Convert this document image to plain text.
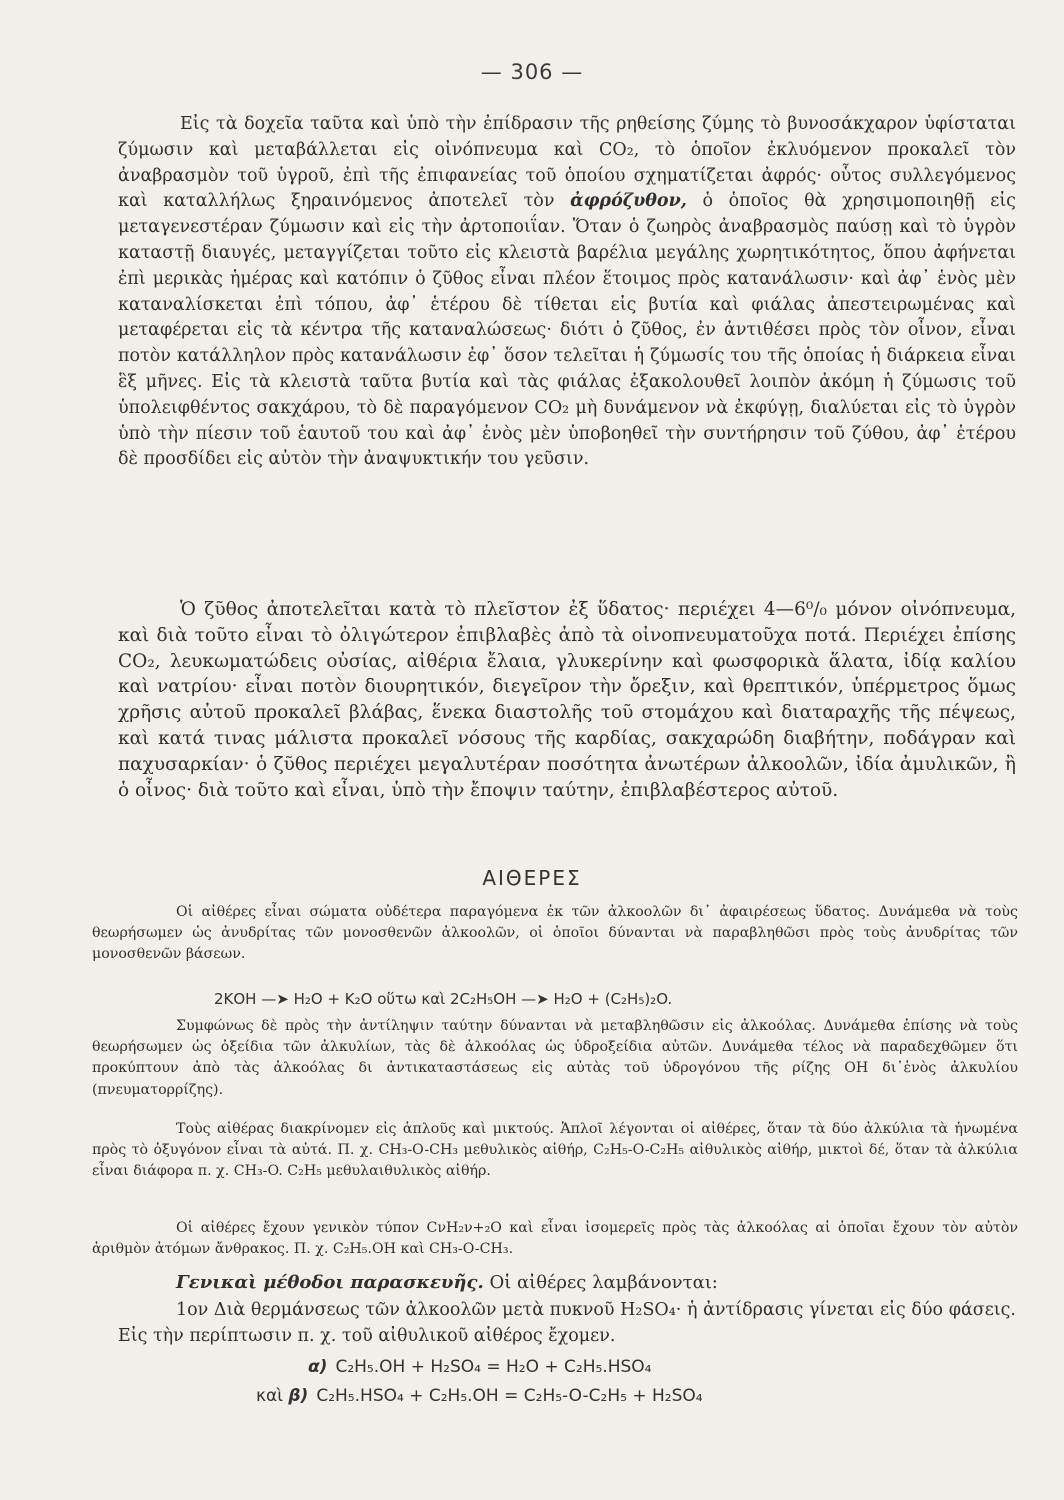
— 306 —

Εἰς τὰ δοχεῖα ταῦτα καὶ ὑπὸ τὴν ἐπίδρασιν τῆς ρηθείσης ζύμης τὸ βυνοσάκχαρον ὑφίσταται ζύμωσιν καὶ μεταβάλλεται εἰς οἰνόπνευμα καὶ CO₂, τὸ ὁποῖον ἐκλυόμενον προκαλεῖ τὸν ἀναβρασμὸν τοῦ ὑγροῦ, ἐπὶ τῆς ἐπιφανείας τοῦ ὁποίου σχηματίζεται ἀφρός· οὗτος συλλεγόμενος καὶ καταλλήλως ξηραινόμενος ἀποτελεῖ τὸν ἀφρόζυθον, ὁ ὁποῖος θὰ χρησιμοποιηθῇ εἰς μεταγενεστέραν ζύμωσιν καὶ εἰς τὴν ἀρτοποιΐαν. Ὅταν ὁ ζωηρὸς ἀναβρασμὸς παύσῃ καὶ τὸ ὑγρὸν καταστῇ διαυγές, μεταγγίζεται τοῦτο εἰς κλειστὰ βαρέλια μεγάλης χωρητικότητος, ὅπου ἀφήνεται ἐπὶ μερικὰς ἡμέρας καὶ κατόπιν ὁ ζῦθος εἶναι πλέον ἕτοιμος πρὸς κατανάλωσιν· καὶ ἀφ᾽ ἑνὸς μὲν καταναλίσκεται ἐπὶ τόπου, ἀφ᾽ ἑτέρου δὲ τίθεται εἰς βυτία καὶ φιάλας ἀπεστειρωμένας καὶ μεταφέρεται εἰς τὰ κέντρα τῆς καταναλώσεως· διότι ὁ ζῦθος, ἐν ἀντιθέσει πρὸς τὸν οἶνον, εἶναι ποτὸν κατάλληλον πρὸς κατανάλωσιν ἐφ᾽ ὅσον τελεῖται ἡ ζύμωσίς του τῆς ὁποίας ἡ διάρκεια εἶναι ἓξ μῆνες. Εἰς τὰ κλειστὰ ταῦτα βυτία καὶ τὰς φιάλας ἐξακολουθεῖ λοιπὸν ἀκόμη ἡ ζύμωσις τοῦ ὑπολειφθέντος σακχάρου, τὸ δὲ παραγόμενον CO₂ μὴ δυνάμενον νὰ ἐκφύγῃ, διαλύεται εἰς τὸ ὑγρὸν ὑπὸ τὴν πίεσιν τοῦ ἑαυτοῦ του καὶ ἀφ᾽ ἑνὸς μὲν ὑποβοηθεῖ τὴν συντήρησιν τοῦ ζύθου, ἀφ᾽ ἑτέρου δὲ προσδίδει εἰς αὐτὸν τὴν ἀναψυκτικήν του γεῦσιν.

Ὁ ζῦθος ἀποτελεῖται κατὰ τὸ πλεῖστον ἐξ ὕδατος· περιέχει 4—6⁰/₀ μόνον οἰνόπνευμα, καὶ διὰ τοῦτο εἶναι τὸ ὀλιγώτερον ἐπιβλαβὲς ἀπὸ τὰ οἰνοπνευματοῦχα ποτά. Περιέχει ἐπίσης CO₂, λευκωματώδεις οὐσίας, αἰθέρια ἔλαια, γλυκερίνην καὶ φωσφορικὰ ἅλατα, ἰδίᾳ καλίου καὶ νατρίου· εἶναι ποτὸν διουρητικόν, διεγεῖρον τὴν ὄρεξιν, καὶ θρεπτικόν, ὑπέρμετρος ὅμως χρῆσις αὐτοῦ προκαλεῖ βλάβας, ἕνεκα διαστολῆς τοῦ στομάχου καὶ διαταραχῆς τῆς πέψεως, καὶ κατά τινας μάλιστα προκαλεῖ νόσους τῆς καρδίας, σακχαρώδη διαβήτην, ποδάγραν καὶ παχυσαρκίαν· ὁ ζῦθος περιέχει μεγαλυτέραν ποσότητα ἀνωτέρων ἀλκοολῶν, ἰδία ἀμυλικῶν, ἢ ὁ οἶνος· διὰ τοῦτο καὶ εἶναι, ὑπὸ τὴν ἔποψιν ταύτην, ἐπιβλαβέστερος αὐτοῦ.

ΑΙΘΕΡΕΣ

Οἱ αἰθέρες εἶναι σώματα οὐδέτερα παραγόμενα ἐκ τῶν ἀλκοολῶν δι᾽ ἀφαιρέσεως ὕδατος. Δυνάμεθα νὰ τοὺς θεωρήσωμεν ὡς ἀνυδρίτας τῶν μονοσθενῶν ἀλκοολῶν, οἱ ὁποῖοι δύνανται νὰ παραβληθῶσι πρὸς τοὺς ἀνυδρίτας τῶν μονοσθενῶν βάσεων.

2ΚΟΗ —➤ H₂O + K₂O οὕτω καὶ 2C₂H₅OH —➤ H₂O + (C₂H₅)₂O.

Συμφώνως δὲ πρὸς τὴν ἀντίληψιν ταύτην δύνανται νὰ μεταβληθῶσιν εἰς ἀλκοόλας. Δυνάμεθα ἐπίσης νὰ τοὺς θεωρήσωμεν ὡς ὀξείδια τῶν ἀλκυλίων, τὰς δὲ ἀλκοόλας ὡς ὑδροξείδια αὐτῶν. Δυνάμεθα τέλος νὰ παραδεχθῶμεν ὅτι προκύπτουν ἀπὸ τὰς ἀλκοόλας δι ἀντικαταστάσεως εἰς αὐτὰς τοῦ ὑδρογόνου τῆς ρίζης ΟΗ δι᾽ἑνὸς ἀλκυλίου (πνευματορρίζης).

Τοὺς αἰθέρας διακρίνομεν εἰς ἁπλοῦς καὶ μικτούς. Ἁπλοῖ λέγονται οἱ αἰθέρες, ὅταν τὰ δύο ἀλκύλια τὰ ἡνωμένα πρὸς τὸ ὀξυγόνον εἶναι τὰ αὐτά. Π. χ. CH₃-O-CH₃ μεθυλικὸς αἰθήρ, C₂H₅-O-C₂H₅ αἰθυλικὸς αἰθήρ, μικτοὶ δέ, ὅταν τὰ ἀλκύλια εἶναι διάφορα π. χ. CH₃-O. C₂H₅ μεθυλαιθυλικὸς αἰθήρ.

Οἱ αἰθέρες ἔχουν γενικὸν τύπον CνH₂ν+₂O καὶ εἶναι ἰσομερεῖς πρὸς τὰς ἀλκοόλας αἱ ὁποῖαι ἔχουν τὸν αὐτὸν ἀριθμὸν ἀτόμων ἄνθρακος. Π. χ. C₂H₅.OH καὶ CH₃-O-CH₃.

Γενικαὶ μέθοδοι παρασκευῆς. Οἱ αἰθέρες λαμβάνονται:

1ον Διὰ θερμάνσεως τῶν ἀλκοολῶν μετὰ πυκνοῦ H₂SO₄· ἡ ἀντίδρασις γίνεται εἰς δύο φάσεις. Εἰς τὴν περίπτωσιν π. χ. τοῦ αἰθυλικοῦ αἰθέρος ἔχομεν.

α) C₂H₅.OH + H₂SO₄ = H₂O + C₂H₅.HSO₄
καὶ β) C₂H₅.HSO₄ + C₂H₅.OH = C₂H₅-O-C₂H₅ + H₂SO₄
